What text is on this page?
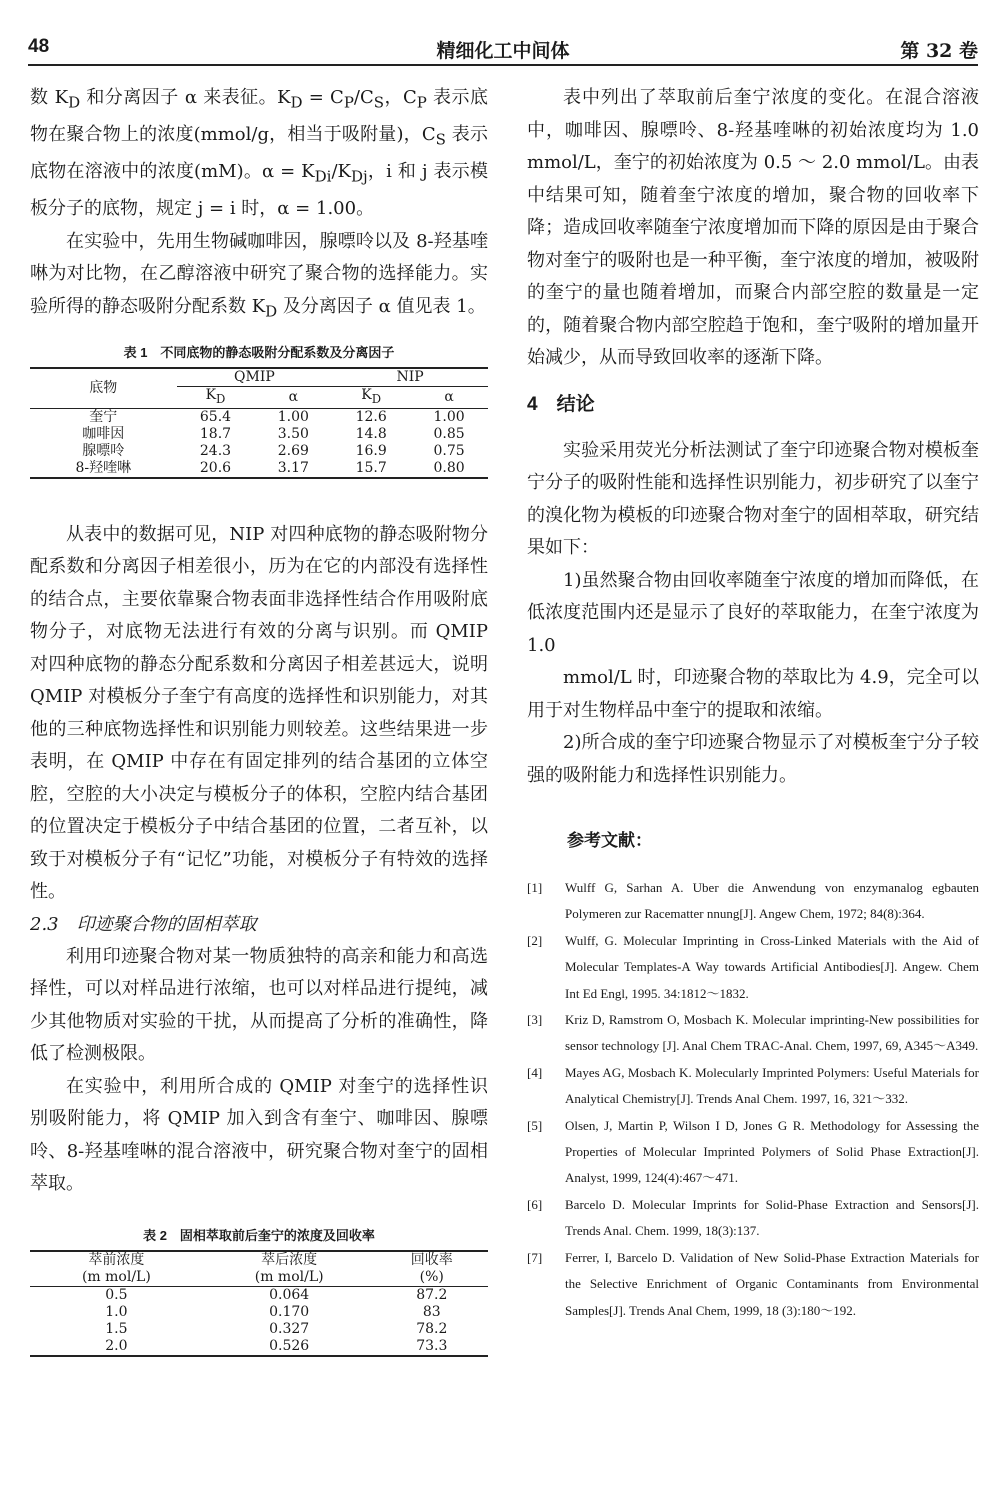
48	精细化工中间体	第 32 卷

数 $K_D$ 和分离因子 α 来表征。$K_D = C_P/C_S$，$C_P$ 表示底物在聚合物上的浓度(mmol/g，相当于吸附量)，$C_S$ 表示底物在溶液中的浓度(mM)。$\alpha = K_{Di}/K_{Dj}$，i 和 j 表示模板分子的底物，规定 j = i 时，α = 1.00。

在实验中，先用生物碱咖啡因，腺嘌呤以及 8-羟基喹啉为对比物，在乙醇溶液中研究了聚合物的选择能力。实验所得的静态吸附分配系数 $K_D$ 及分离因子 α 值见表 1。

表 1　不同底物的静态吸附分配系数及分离因子

底物	QMIP		NIP	
	$K_D$	α	$K_D$	α
奎宁	65.4	1.00	12.6	1.00
咖啡因	18.7	3.50	14.8	0.85
腺嘌呤	24.3	2.69	16.9	0.75
8-羟喹啉	20.6	3.17	15.7	0.80

从表中的数据可见，NIP 对四种底物的静态吸附物分配系数和分离因子相差很小，历为在它的内部没有选择性的结合点，主要依靠聚合物表面非选择性结合作用吸附底物分子，对底物无法进行有效的分离与识别。而 QMIP 对四种底物的静态分配系数和分离因子相差甚远大，说明 QMIP 对模板分子奎宁有高度的选择性和识别能力，对其他的三种底物选择性和识别能力则较差。这些结果进一步表明，在 QMIP 中存在有固定排列的结合基团的立体空腔，空腔的大小决定与模板分子的体积，空腔内结合基团的位置决定于模板分子中结合基团的位置，二者互补，以致于对模板分子有“记忆”功能，对模板分子有特效的选择性。

2.3　印迹聚合物的固相萃取

利用印迹聚合物对某一物质独特的高亲和能力和高选择性，可以对样品进行浓缩，也可以对样品进行提纯，减少其他物质对实验的干扰，从而提高了分析的准确性，降低了检测极限。

在实验中，利用所合成的 QMIP 对奎宁的选择性识别吸附能力，将 QMIP 加入到含有奎宁、咖啡因、腺嘌呤、8-羟基喹啉的混合溶液中，研究聚合物对奎宁的固相萃取。

表 2　固相萃取前后奎宁的浓度及回收率

萃前浓度	萃后浓度	回收率
(m mol/L)	(m mol/L)	(%)
0.5	0.064	87.2
1.0	0.170	83
1.5	0.327	78.2
2.0	0.526	73.3

表中列出了萃取前后奎宁浓度的变化。在混合溶液中，咖啡因、腺嘌呤、8-羟基喹啉的初始浓度均为 1.0 mmol/L，奎宁的初始浓度为 0.5 ～ 2.0 mmol/L。由表中结果可知，随着奎宁浓度的增加，聚合物的回收率下降；造成回收率随奎宁浓度增加而下降的原因是由于聚合物对奎宁的吸附也是一种平衡，奎宁浓度的增加，被吸附的奎宁的量也随着增加，而聚合内部空腔的数量是一定的，随着聚合物内部空腔趋于饱和，奎宁吸附的增加量开始减少，从而导致回收率的逐渐下降。

4　结论

实验采用荧光分析法测试了奎宁印迹聚合物对模板奎宁分子的吸附性能和选择性识别能力，初步研究了以奎宁的溴化物为模板的印迹聚合物对奎宁的固相萃取，研究结果如下：

1)虽然聚合物由回收率随奎宁浓度的增加而降低，在低浓度范围内还是显示了良好的萃取能力，在奎宁浓度为 1.0

mmol/L 时，印迹聚合物的萃取比为 4.9，完全可以用于对生物样品中奎宁的提取和浓缩。

2)所合成的奎宁印迹聚合物显示了对模板奎宁分子较强的吸附能力和选择性识别能力。

参考文献：

[1] Wulff G, Sarhan A. Uber die Anwendung von enzymanalog egbauten Polymeren zur Racematter nnung[J]. Angew Chem, 1972; 84(8):364.
[2] Wulff, G. Molecular Imprinting in Cross-Linked Materials with the Aid of Molecular Templates-A Way towards Artificial Antibodies[J]. Angew. Chem Int Ed Engl, 1995. 34:1812～1832.
[3] Kriz D, Ramstrom O, Mosbach K. Molecular imprinting-New possibilities for sensor technology [J]. Anal Chem TRAC-Anal. Chem, 1997, 69, A345～A349.
[4] Mayes AG, Mosbach K. Molecularly Imprinted Polymers: Useful Materials for Analytical Chemistry[J]. Trends Anal Chem. 1997, 16, 321～332.
[5] Olsen, J, Martin P, Wilson I D, Jones G R. Methodology for Assessing the Properties of Molecular Imprinted Polymers of Solid Phase Extraction[J]. Analyst, 1999, 124(4):467～471.
[6] Barcelo D. Molecular Imprints for Solid-Phase Extraction and Sensors[J]. Trends Anal. Chem. 1999, 18(3):137.
[7] Ferrer, I, Barcelo D. Validation of New Solid-Phase Extraction Materials for the Selective Enrichment of Organic Contaminants from Environmental Samples[J]. Trends Anal Chem, 1999, 18 (3):180～192.
